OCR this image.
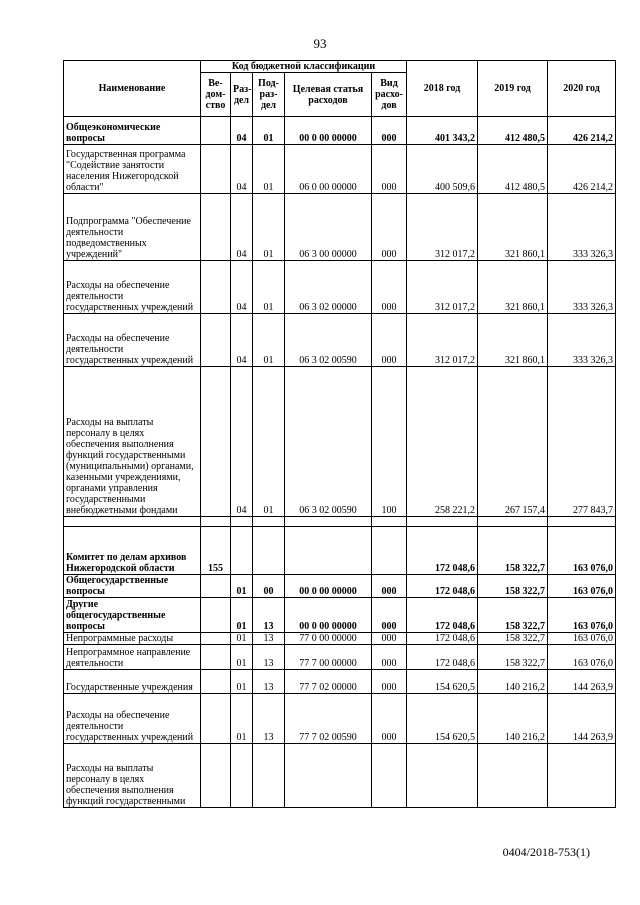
93
Наименование	Код бюджетной классификации					2018 год	2019 год	2020 год
	Ве-дом-ство	Раз-дел	Под-раз-дел	Целевая статья расходов	Вид расхо-дов			
Общеэкономические вопросы		04	01	00 0 00 00000	000	401 343,2	412 480,5	426 214,2
Государственная программа "Содействие занятости населения Нижегородской области"		04	01	06 0 00 00000	000	400 509,6	412 480,5	426 214,2
Подпрограмма "Обеспечение деятельности подведомственных учреждений"		04	01	06 3 00 00000	000	312 017,2	321 860,1	333 326,3
Расходы на обеспечение деятельности государственных учреждений		04	01	06 3 02 00000	000	312 017,2	321 860,1	333 326,3
Расходы на обеспечение деятельности государственных учреждений		04	01	06 3 02 00590	000	312 017,2	321 860,1	333 326,3
Расходы на выплаты персоналу в целях обеспечения выполнения функций государственными (муниципальными) органами, казенными учреждениями, органами управления государственными внебюджетными фондами		04	01	06 3 02 00590	100	258 221,2	267 157,4	277 843,7

Комитет по делам архивов Нижегородской области	155					172 048,6	158 322,7	163 076,0
Общегосударственные вопросы		01	00	00 0 00 00000	000	172 048,6	158 322,7	163 076,0
Другие общегосударственные вопросы		01	13	00 0 00 00000	000	172 048,6	158 322,7	163 076,0
Непрограммные расходы		01	13	77 0 00 00000	000	172 048,6	158 322,7	163 076,0
Непрограммное направление деятельности		01	13	77 7 00 00000	000	172 048,6	158 322,7	163 076,0
Государственные учреждения		01	13	77 7 02 00000	000	154 620,5	140 216,2	144 263,9
Расходы на обеспечение деятельности государственных учреждений		01	13	77 7 02 00590	000	154 620,5	140 216,2	144 263,9
Расходы на выплаты персоналу в целях обеспечения выполнения функций государственными								
0404/2018-753(1)
